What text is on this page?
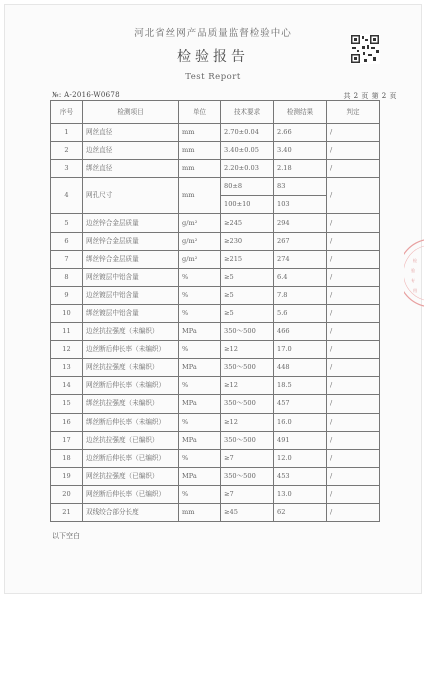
河北省丝网产品质量监督检验中心
检验报告
Test Report
№: A-2016-W0678	共 2 页 第 2 页
序号	检测项目	单位	技术要求	检测结果	判定
1	网丝直径	mm	2.70±0.04	2.66	/
2	边丝直径	mm	3.40±0.05	3.40	/
3	绑丝直径	mm	2.20±0.03	2.18	/
4	网孔尺寸	mm	80±8	83	/
			100±10	103	
5	边丝锌合金层质量	g/m²	≥245	294	/
6	网丝锌合金层质量	g/m²	≥230	267	/
7	绑丝锌合金层质量	g/m²	≥215	274	/
8	网丝镀层中铝含量	%	≥5	6.4	/
9	边丝镀层中铝含量	%	≥5	7.8	/
10	绑丝镀层中铝含量	%	≥5	5.6	/
11	边丝抗拉强度（未编织）	MPa	350～500	466	/
12	边丝断后伸长率（未编织）	%	≥12	17.0	/
13	网丝抗拉强度（未编织）	MPa	350～500	448	/
14	网丝断后伸长率（未编织）	%	≥12	18.5	/
15	绑丝抗拉强度（未编织）	MPa	350～500	457	/
16	绑丝断后伸长率（未编织）	%	≥12	16.0	/
17	边丝抗拉强度（已编织）	MPa	350～500	491	/
18	边丝断后伸长率（已编织）	%	≥7	12.0	/
19	网丝抗拉强度（已编织）	MPa	350～500	453	/
20	网丝断后伸长率（已编织）	%	≥7	13.0	/
21	双线绞合部分长度	mm	≥45	62	/
以下空白
检
验
专
用
